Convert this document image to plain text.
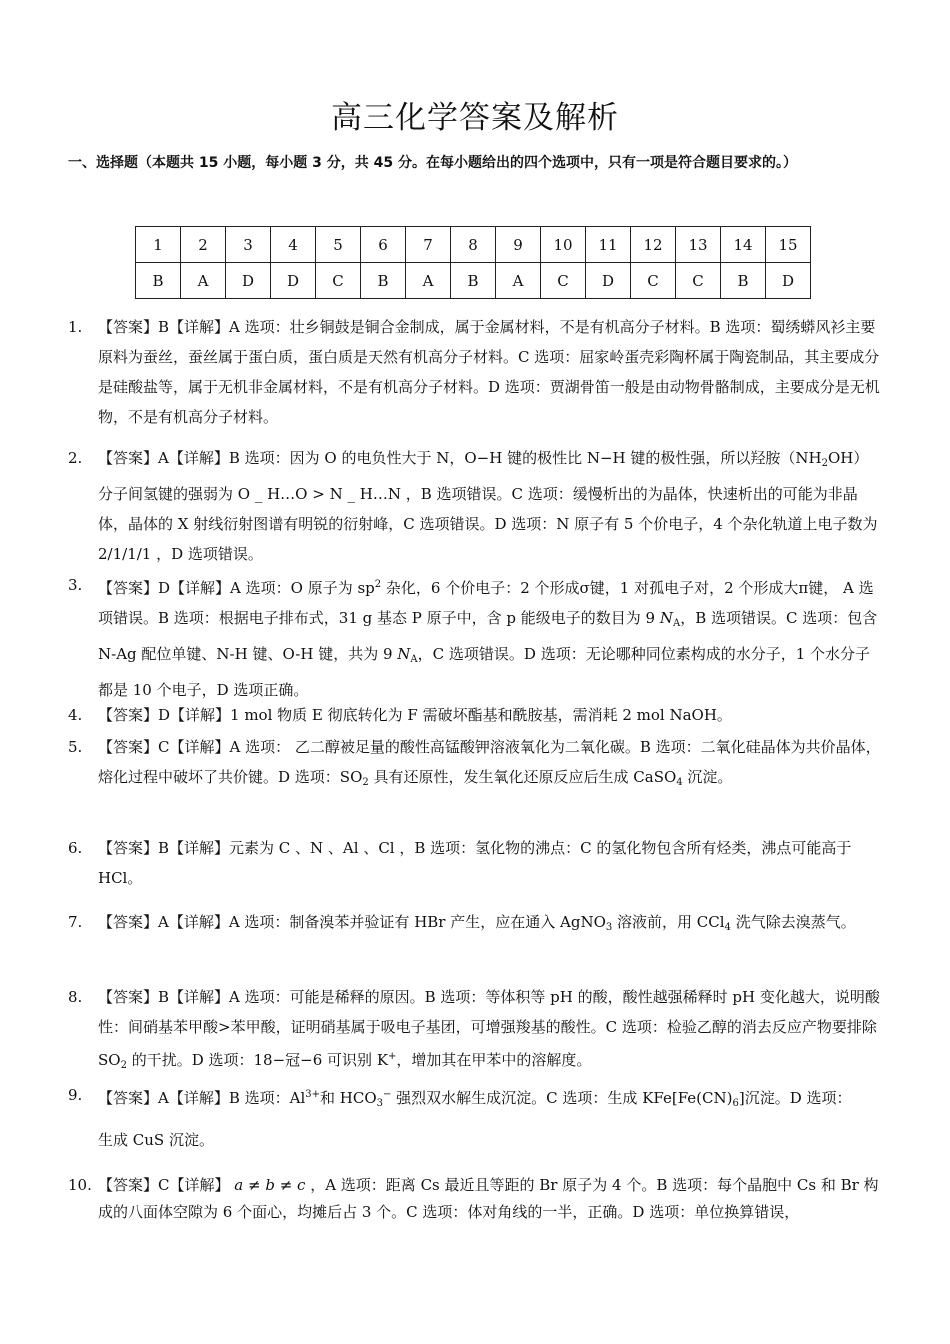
高三化学答案及解析
一、选择题（本题共 15 小题，每小题 3 分，共 45 分。在每小题给出的四个选项中，只有一项是符合题目要求的。）
1	2	3	4	5	6	7	8	9	10	11	12	13	14	15
B	A	D	D	C	B	A	B	A	C	D	C	C	B	D
1. 【答案】B【详解】A 选项：壮乡铜鼓是铜合金制成，属于金属材料，不是有机高分子材料。B 选项：蜀绣蟒风衫主要原料为蚕丝，蚕丝属于蛋白质，蛋白质是天然有机高分子材料。C 选项：屈家岭蛋壳彩陶杯属于陶瓷制品，其主要成分是硅酸盐等，属于无机非金属材料，不是有机高分子材料。D 选项：贾湖骨笛一般是由动物骨骼制成，主要成分是无机物，不是有机高分子材料。
2. 【答案】A【详解】B 选项：因为 O 的电负性大于 N，O−H 键的极性比 N−H 键的极性强，所以羟胺$(NH_2OH)$分子间氢键的强弱为 O _ H…O > N _ H…N ，B 选项错误。C 选项：缓慢析出的为晶体，快速析出的可能为非晶体，晶体的 X 射线衍射图谱有明锐的衍射峰，C 选项错误。D 选项：N 原子有 5 个价电子，4 个杂化轨道上电子数为 2/1/1/1 ，D 选项错误。
3. 【答案】D【详解】A 选项：O 原子为 $sp^2$ 杂化，6 个价电子：2 个形成σ键，1 对孤电子对，2 个形成大π键， A 选项错误。B 选项：根据电子排布式，31 g 基态 P 原子中，含 p 能级电子的数目为 9 $N_A$，B 选项错误。C 选项：包含 N-Ag 配位单键、N-H 键、O-H 键，共为 9 $N_A$，C 选项错误。D 选项：无论哪种同位素构成的水分子，1 个水分子都是 10 个电子，D 选项正确。
4. 【答案】D【详解】1 mol 物质 E 彻底转化为 F 需破坏酯基和酰胺基，需消耗 2 mol NaOH。
5. 【答案】C【详解】A 选项： 乙二醇被足量的酸性高锰酸钾溶液氧化为二氧化碳。B 选项：二氧化硅晶体为共价晶体，熔化过程中破坏了共价键。D 选项：$SO_2$ 具有还原性，发生氧化还原反应后生成 CaSO$_4$ 沉淀。
6. 【答案】B【详解】元素为 C 、N 、Al 、Cl ，B 选项：氢化物的沸点：C 的氢化物包含所有烃类，沸点可能高于 HCl。
7. 【答案】A【详解】A 选项：制备溴苯并验证有 HBr 产生，应在通入 AgNO$_3$ 溶液前，用 CCl$_4$ 洗气除去溴蒸气。
8. 【答案】B【详解】A 选项：可能是稀释的原因。B 选项：等体积等 pH 的酸，酸性越强稀释时 pH 变化越大，说明酸性：间硝基苯甲酸>苯甲酸，证明硝基属于吸电子基团，可增强羧基的酸性。C 选项：检验乙醇的消去反应产物要排除 $SO_2$ 的干扰。D 选项：18−冠−6 可识别 K+，增加其在甲苯中的溶解度。
9. 【答案】A【详解】B 选项：$Al^{3+}$和 $HCO_3^-$ 强烈双水解生成沉淀。C 选项：生成 $KFe[Fe(CN)_6]$沉淀。D 选项：
生成 CuS 沉淀。
10. 【答案】C【详解】 a ≠ b ≠ c ，A 选项：距离 Cs 最近且等距的 Br 原子为 4 个。B 选项：每个晶胞中 Cs 和 Br 构成的八面体空隙为 6 个面心，均摊后占 3 个。C 选项：体对角线的一半，正确。D 选项：单位换算错误，
